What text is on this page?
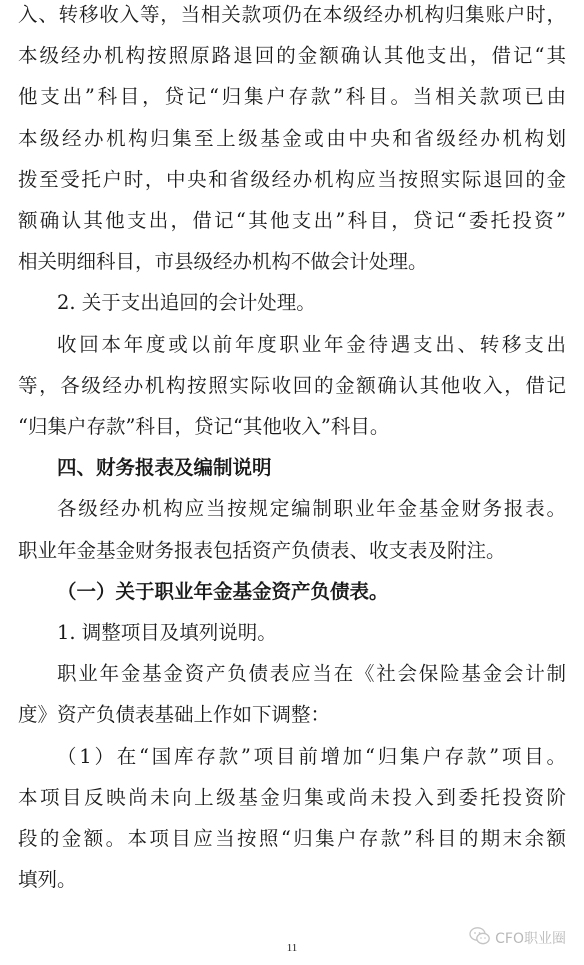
入、转移收入等，当相关款项仍在本级经办机构归集账户时，
本级经办机构按照原路退回的金额确认其他支出，借记“其
他支出”科目，贷记“归集户存款”科目。当相关款项已由
本级经办机构归集至上级基金或由中央和省级经办机构划
拨至受托户时，中央和省级经办机构应当按照实际退回的金
额确认其他支出，借记“其他支出”科目，贷记“委托投资”
相关明细科目，市县级经办机构不做会计处理。
2. 关于支出追回的会计处理。
收回本年度或以前年度职业年金待遇支出、转移支出
等，各级经办机构按照实际收回的金额确认其他收入，借记
“归集户存款”科目，贷记“其他收入”科目。
四、财务报表及编制说明
各级经办机构应当按规定编制职业年金基金财务报表。
职业年金基金财务报表包括资产负债表、收支表及附注。
（一）关于职业年金基金资产负债表。
1. 调整项目及填列说明。
职业年金基金资产负债表应当在《社会保险基金会计制
度》资产负债表基础上作如下调整：
（1）在“国库存款”项目前增加“归集户存款”项目。
本项目反映尚未向上级基金归集或尚未投入到委托投资阶
段的金额。本项目应当按照“归集户存款”科目的期末余额
填列。
11
CFO职业圈
